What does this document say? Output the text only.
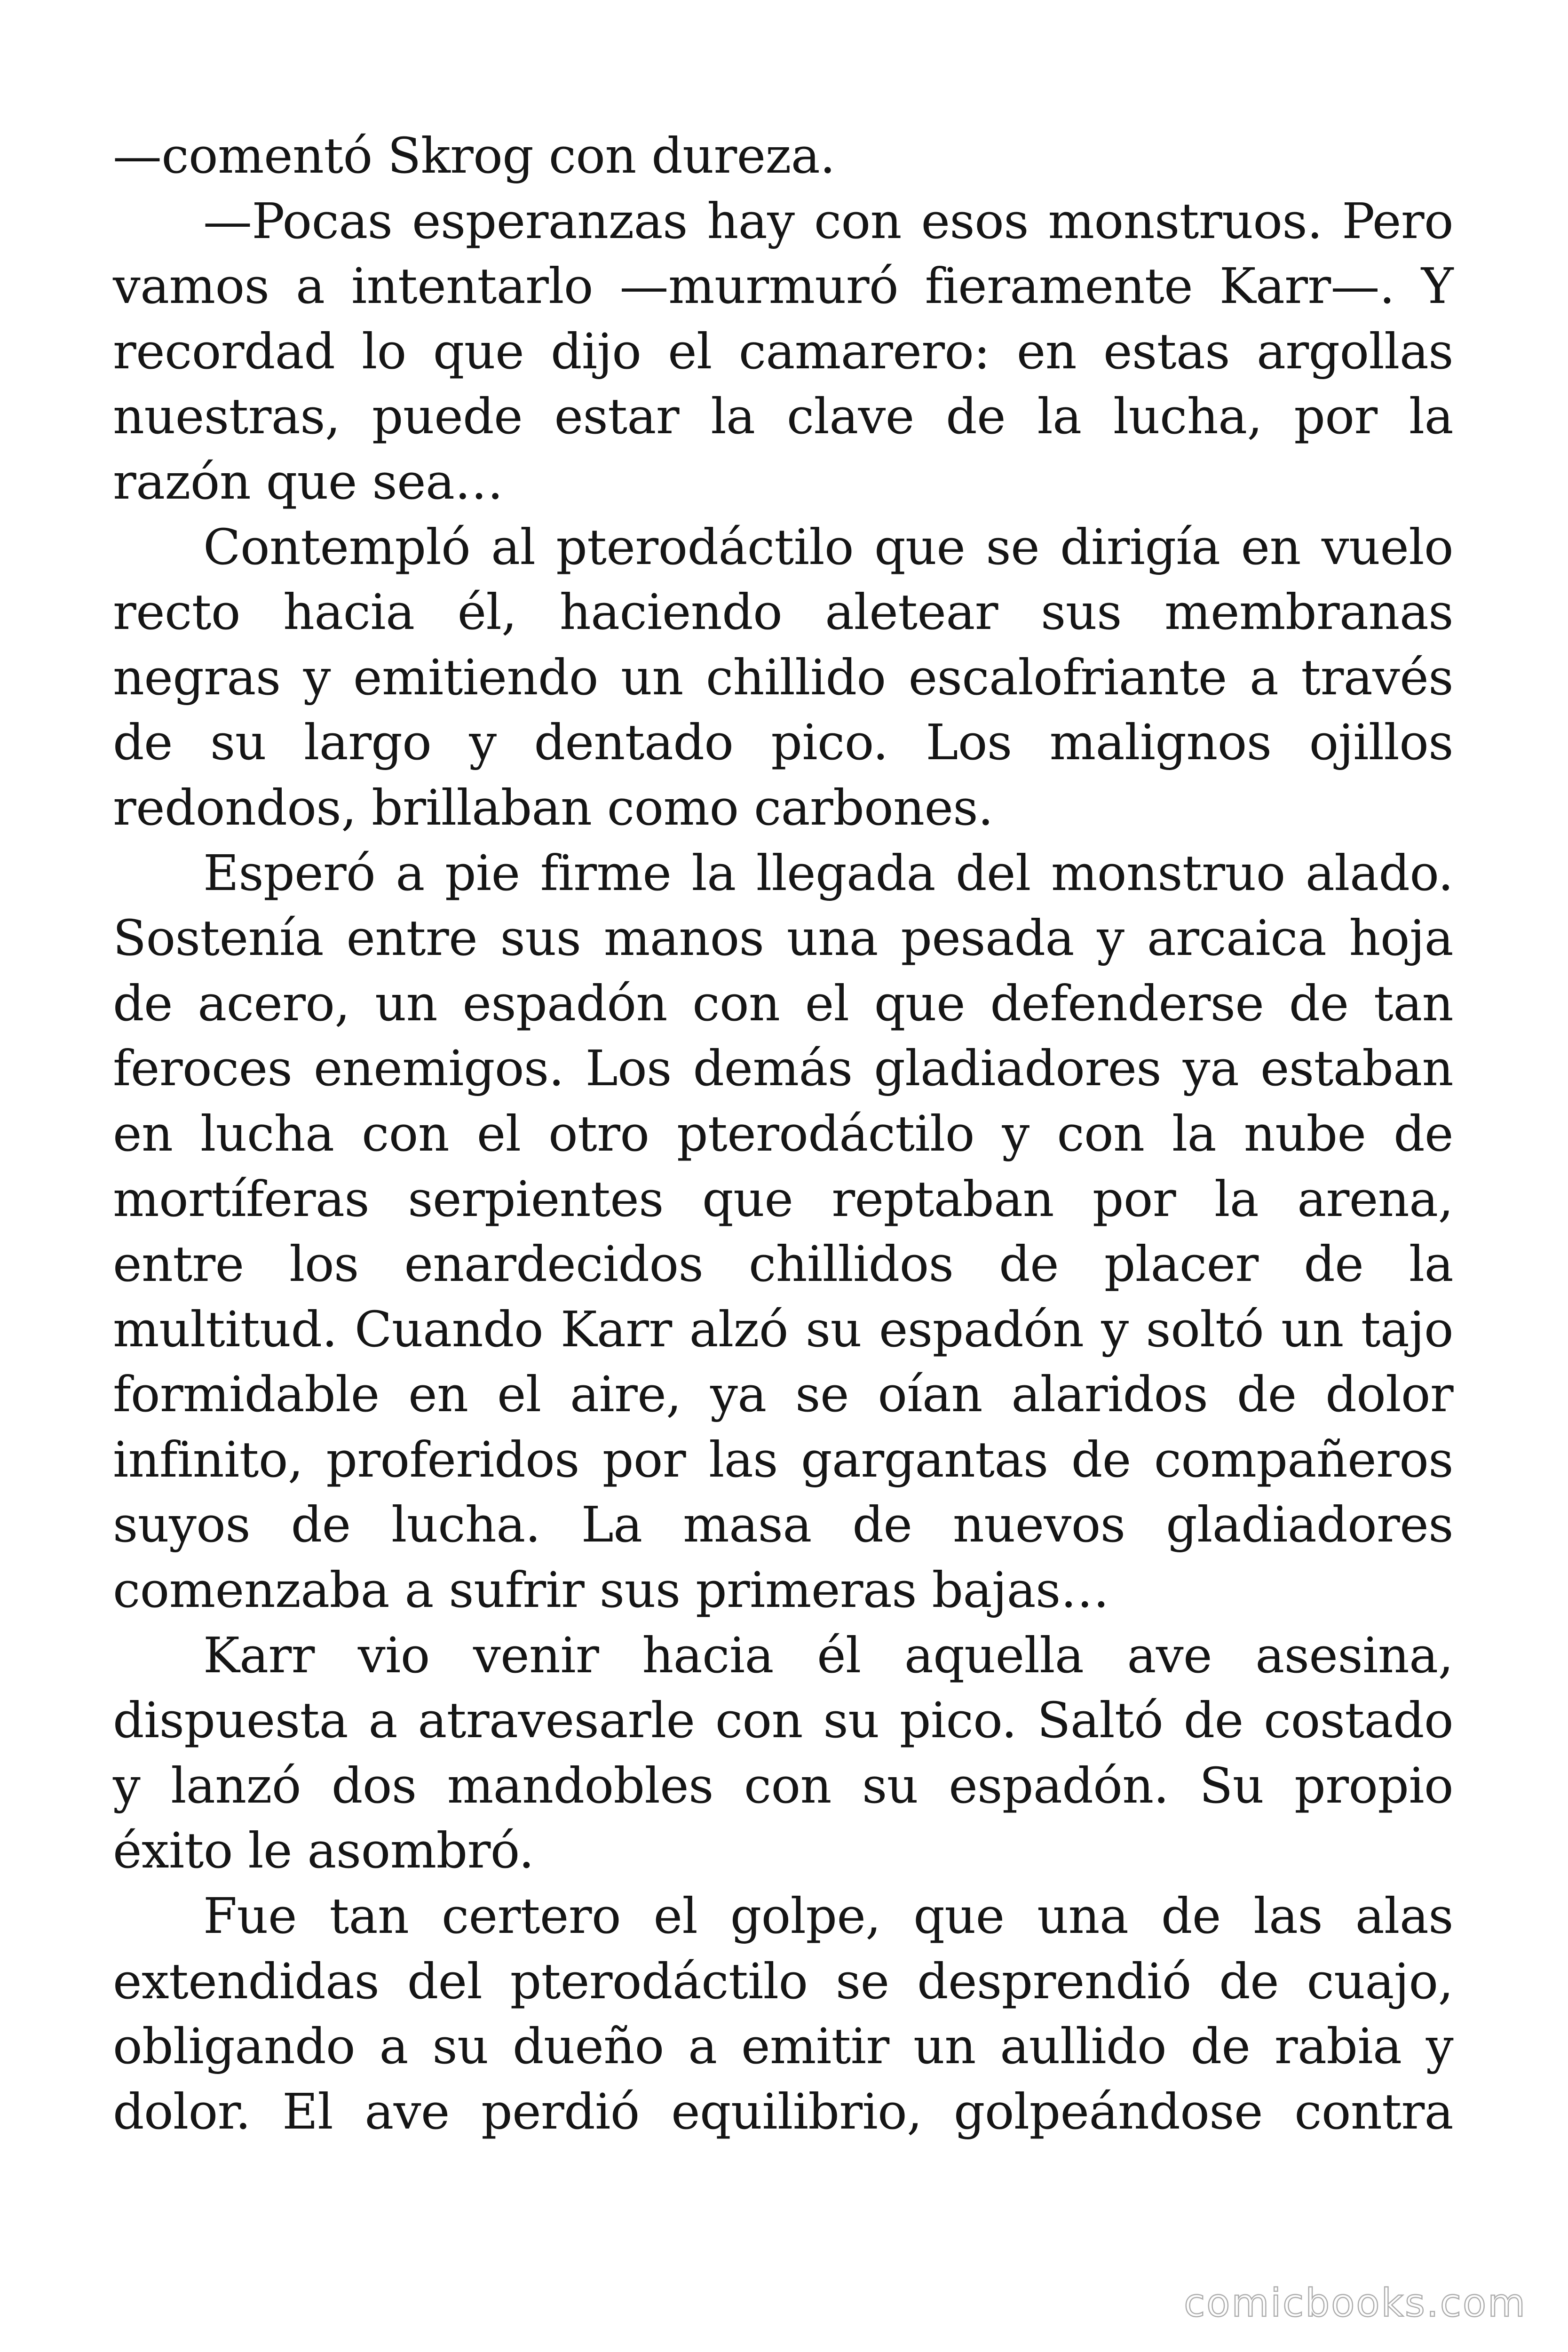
—comentó Skrog con dureza.

—Pocas esperanzas hay con esos monstruos. Pero vamos a intentarlo —murmuró fieramente Karr—. Y recordad lo que dijo el camarero: en estas argollas nuestras, puede estar la clave de la lucha, por la razón que sea…

Contempló al pterodáctilo que se dirigía en vuelo recto hacia él, haciendo aletear sus membranas negras y emitiendo un chillido escalofriante a través de su largo y dentado pico. Los malignos ojillos redondos, brillaban como carbones.

Esperó a pie firme la llegada del monstruo alado. Sostenía entre sus manos una pesada y arcaica hoja de acero, un espadón con el que defenderse de tan feroces enemigos. Los demás gladiadores ya estaban en lucha con el otro pterodáctilo y con la nube de mortíferas serpientes que reptaban por la arena, entre los enardecidos chillidos de placer de la multitud. Cuando Karr alzó su espadón y soltó un tajo formidable en el aire, ya se oían alaridos de dolor infinito, proferidos por las gargantas de compañeros suyos de lucha. La masa de nuevos gladiadores comenzaba a sufrir sus primeras bajas…

Karr vio venir hacia él aquella ave asesina, dispuesta a atravesarle con su pico. Saltó de costado y lanzó dos mandobles con su espadón. Su propio éxito le asombró.

Fue tan certero el golpe, que una de las alas extendidas del pterodáctilo se desprendió de cuajo, obligando a su dueño a emitir un aullido de rabia y dolor. El ave perdió equilibrio, golpeándose contra

comicbooks.com
